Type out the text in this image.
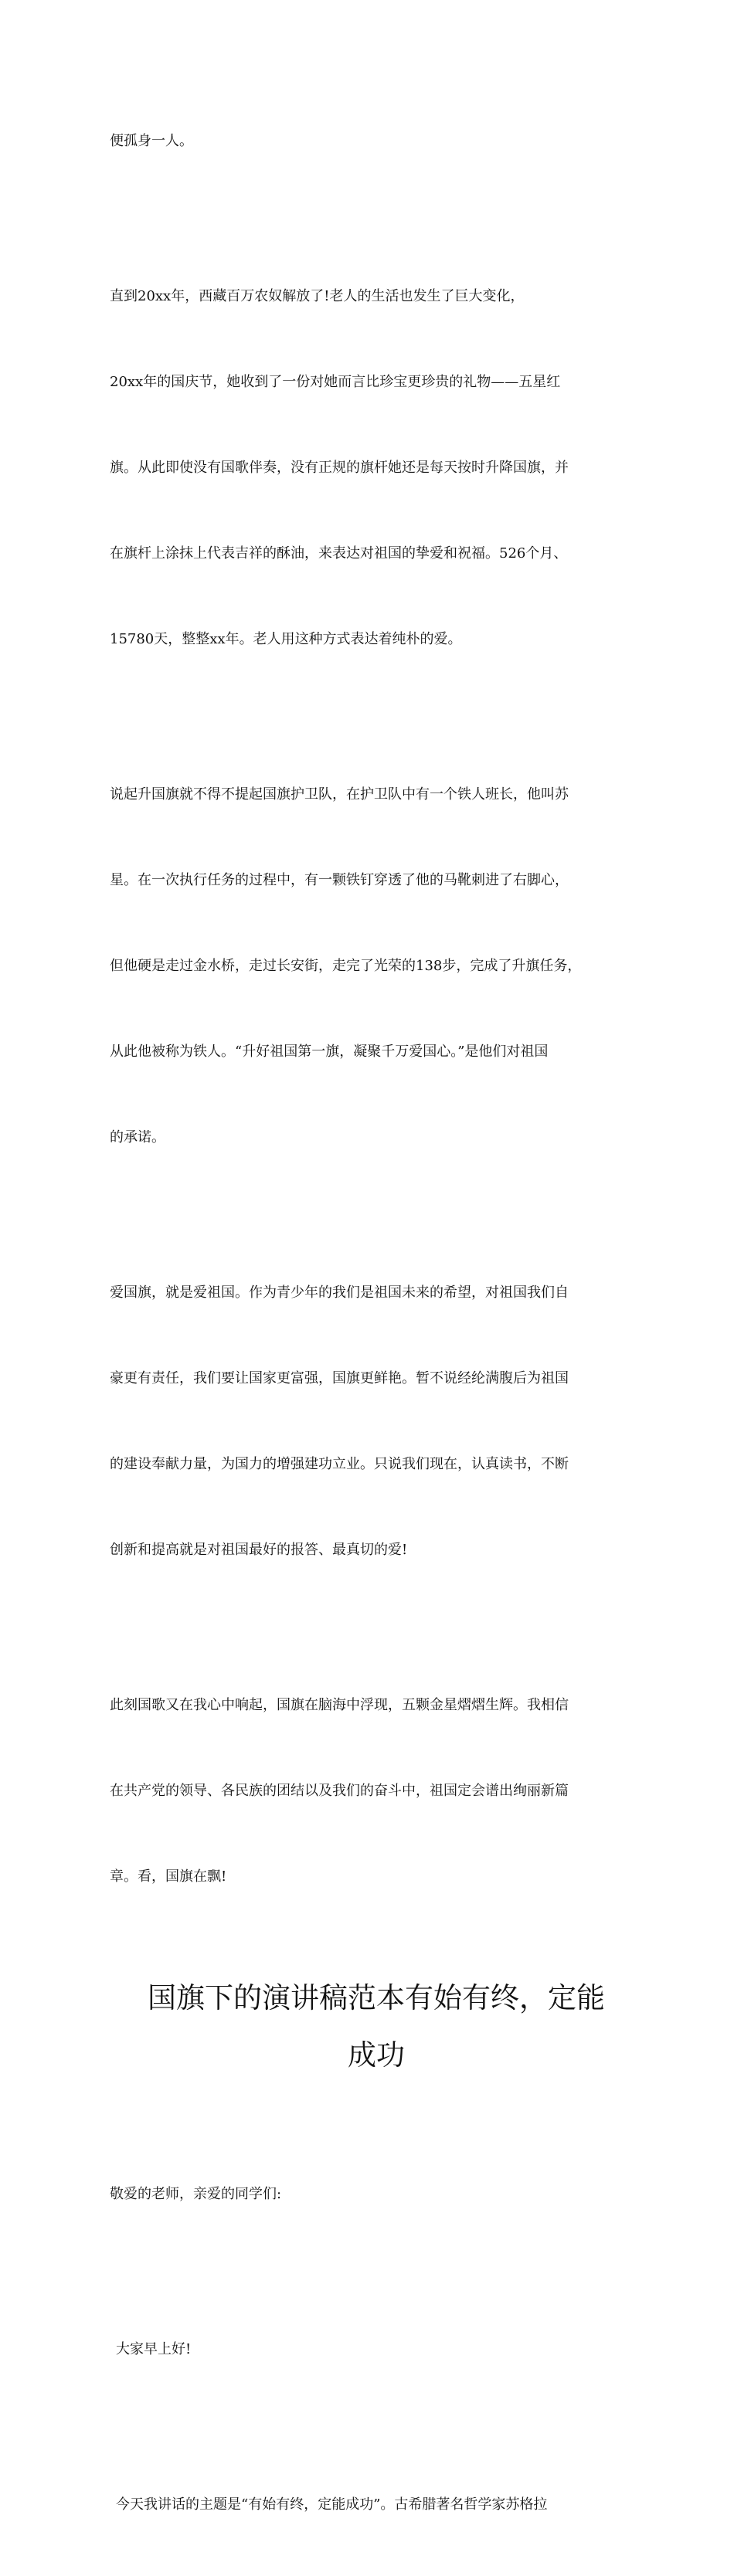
便孤身一人。

直到20xx年，西藏百万农奴解放了!老人的生活也发生了巨大变化，

20xx年的国庆节，她收到了一份对她而言比珍宝更珍贵的礼物——五星红

旗。从此即使没有国歌伴奏，没有正规的旗杆她还是每天按时升降国旗，并

在旗杆上涂抹上代表吉祥的酥油，来表达对祖国的挚爱和祝福。526个月、

15780天，整整xx年。老人用这种方式表达着纯朴的爱。

说起升国旗就不得不提起国旗护卫队，在护卫队中有一个铁人班长，他叫苏

星。在一次执行任务的过程中，有一颗铁钉穿透了他的马靴刺进了右脚心，

但他硬是走过金水桥，走过长安街，走完了光荣的138步，完成了升旗任务，

从此他被称为铁人。“升好祖国第一旗，凝聚千万爱国心。”是他们对祖国

的承诺。

爱国旗，就是爱祖国。作为青少年的我们是祖国未来的希望，对祖国我们自

豪更有责任，我们要让国家更富强，国旗更鲜艳。暂不说经纶满腹后为祖国

的建设奉献力量，为国力的增强建功立业。只说我们现在，认真读书，不断

创新和提高就是对祖国最好的报答、最真切的爱!

此刻国歌又在我心中响起，国旗在脑海中浮现，五颗金星熠熠生辉。我相信

在共产党的领导、各民族的团结以及我们的奋斗中，祖国定会谱出绚丽新篇

章。看，国旗在飘!

国旗下的演讲稿范本有始有终，定能
成功

敬爱的老师，亲爱的同学们:

大家早上好!

今天我讲话的主题是“有始有终，定能成功”。古希腊著名哲学家苏格拉
